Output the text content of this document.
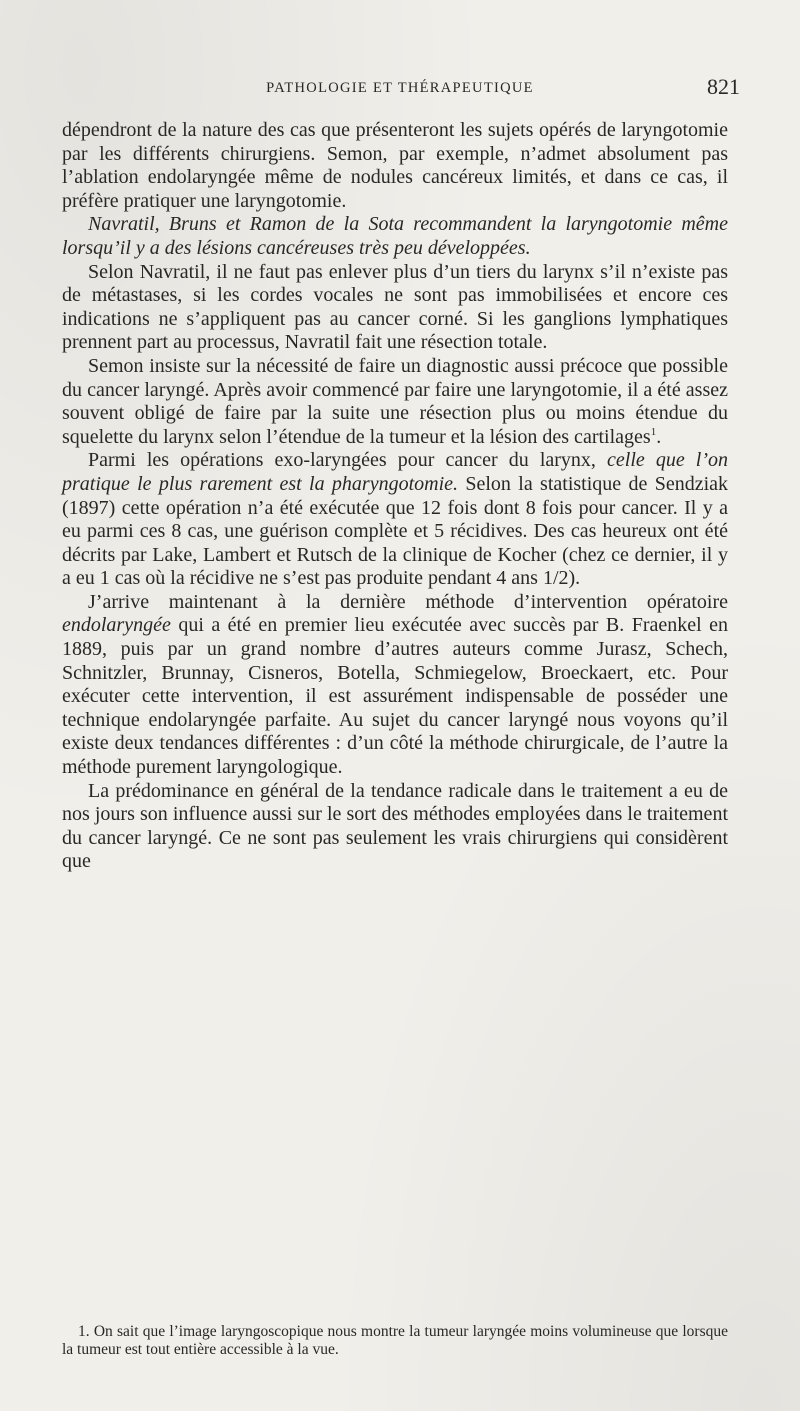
PATHOLOGIE ET THÉRAPEUTIQUE	821

dépendront de la nature des cas que présenteront les sujets opérés de laryngotomie par les différents chirurgiens. Semon, par exemple, n’admet absolument pas l’ablation endolaryngée même de nodules cancéreux limités, et dans ce cas, il préfère pratiquer une laryngotomie.

Navratil, Bruns et Ramon de la Sota recommandent la laryngotomie même lorsqu’il y a des lésions cancéreuses très peu développées.

Selon Navratil, il ne faut pas enlever plus d’un tiers du larynx s’il n’existe pas de métastases, si les cordes vocales ne sont pas immobilisées et encore ces indications ne s’appliquent pas au cancer corné. Si les ganglions lymphatiques prennent part au processus, Navratil fait une résection totale.

Semon insiste sur la nécessité de faire un diagnostic aussi précoce que possible du cancer laryngé. Après avoir commencé par faire une laryngotomie, il a été assez souvent obligé de faire par la suite une résection plus ou moins étendue du squelette du larynx selon l’étendue de la tumeur et la lésion des cartilages$^1$.

Parmi les opérations exo-laryngées pour cancer du larynx, celle que l’on pratique le plus rarement est la pharyngotomie. Selon la statistique de Sendziak (1897) cette opération n’a été exécutée que 12 fois dont 8 fois pour cancer. Il y a eu parmi ces 8 cas, une guérison complète et 5 récidives. Des cas heureux ont été décrits par Lake, Lambert et Rutsch de la clinique de Kocher (chez ce dernier, il y a eu 1 cas où la récidive ne s’est pas produite pendant 4 ans 1/2).

J’arrive maintenant à la dernière méthode d’intervention opératoire endolaryngée qui a été en premier lieu exécutée avec succès par B. Fraenkel en 1889, puis par un grand nombre d’autres auteurs comme Jurasz, Schech, Schnitzler, Brunnay, Cisneros, Botella, Schmiegelow, Broeckaert, etc. Pour exécuter cette intervention, il est assurément indispensable de posséder une technique endolaryngée parfaite. Au sujet du cancer laryngé nous voyons qu’il existe deux tendances différentes : d’un côté la méthode chirurgicale, de l’autre la méthode purement laryngologique.

La prédominance en général de la tendance radicale dans le traitement a eu de nos jours son influence aussi sur le sort des méthodes employées dans le traitement du cancer laryngé. Ce ne sont pas seulement les vrais chirurgiens qui considèrent que

1. On sait que l’image laryngoscopique nous montre la tumeur laryngée moins volumineuse que lorsque la tumeur est tout entière accessible à la vue.
